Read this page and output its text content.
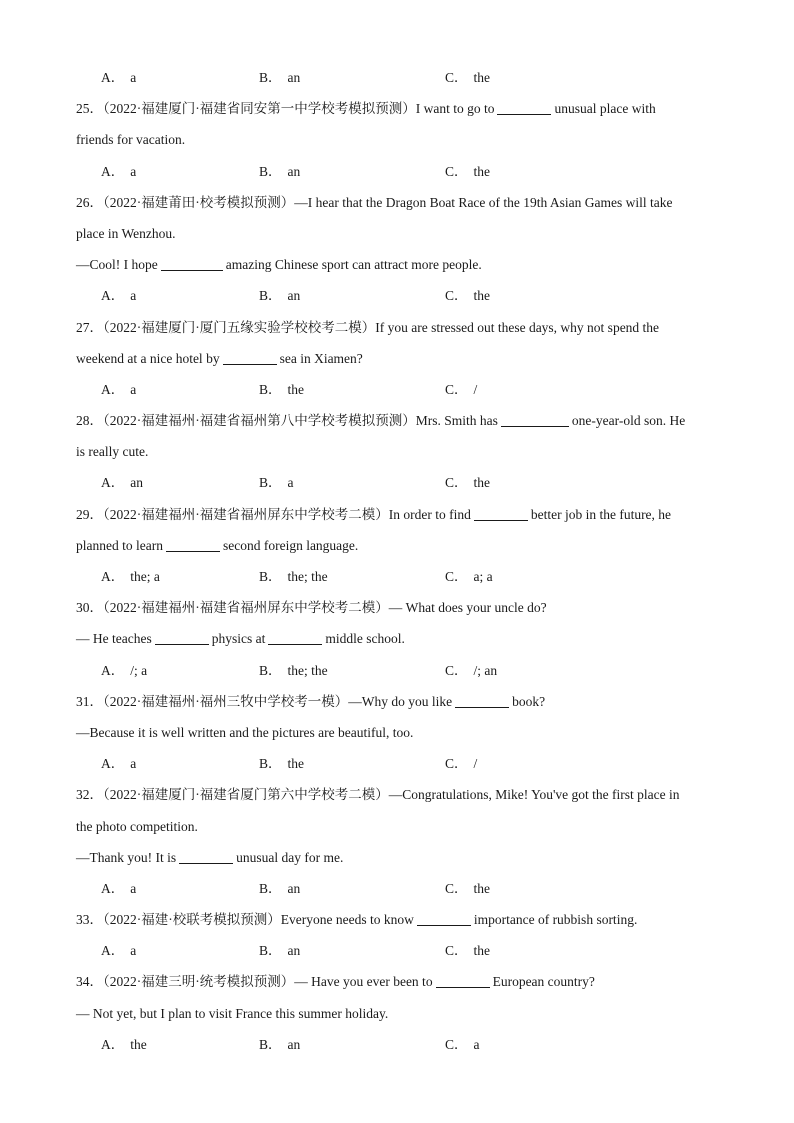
A． a	B． an	C． the
25．（2022·福建厦门·福建省同安第一中学校考模拟预测）I want to go to	unusual place with
friends for vacation.
A． a	B． an	C． the
26．（2022·福建莆田·校考模拟预测）—I hear that the Dragon Boat Race of the 19th Asian Games will take
place in Wenzhou.
—Cool! I hope	amazing Chinese sport can attract more people.
A． a	B． an	C． the
27．（2022·福建厦门·厦门五缘实验学校校考二模）If you are stressed out these days, why not spend the
weekend at a nice hotel by	sea in Xiamen?
A． a	B． the	C． /
28．（2022·福建福州·福建省福州第八中学校考模拟预测）Mrs. Smith has	one-year-old son. He
is really cute.
A． an	B． a	C． the
29．（2022·福建福州·福建省福州屏东中学校考二模）In order to find	better job in the future, he
planned to learn	second foreign language.
A． the; a	B． the; the	C． a; a
30．（2022·福建福州·福建省福州屏东中学校考二模）— What does your uncle do?
— He teaches	physics at	middle school.
A． /; a	B． the; the	C． /; an
31．（2022·福建福州·福州三牧中学校考一模）—Why do you like	book?
—Because it is well written and the pictures are beautiful, too.
A． a	B． the	C． /
32．（2022·福建厦门·福建省厦门第六中学校考二模）—Congratulations, Mike! You've got the first place in
the photo competition.
—Thank you! It is	unusual day for me.
A． a	B． an	C． the
33．（2022·福建·校联考模拟预测）Everyone needs to know	importance of rubbish sorting.
A． a	B． an	C． the
34．（2022·福建三明·统考模拟预测）— Have you ever been to	European country?
— Not yet, but I plan to visit France this summer holiday.
A． the	B． an	C． a
